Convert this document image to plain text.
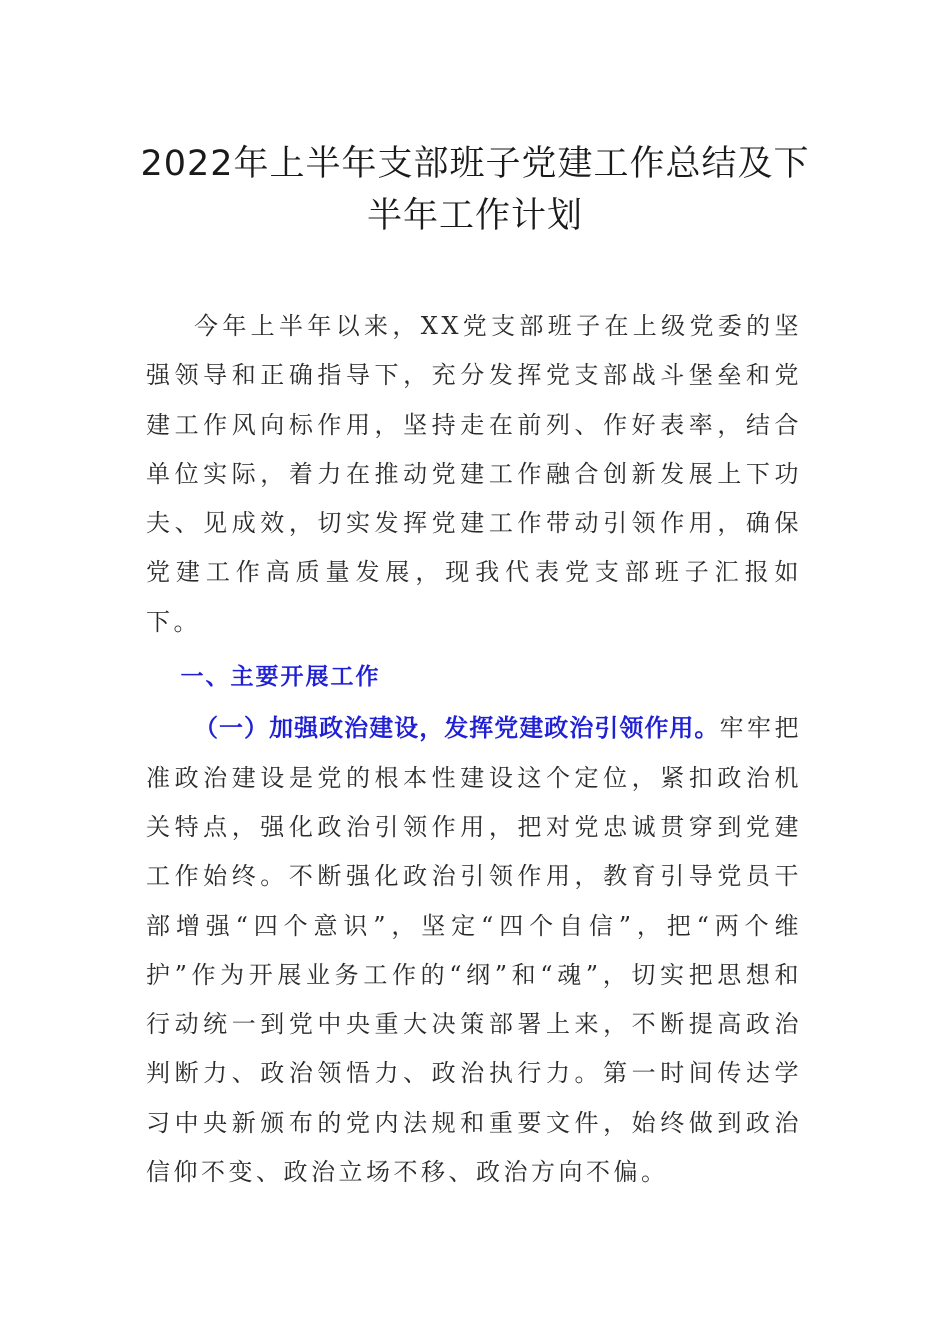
2022年上半年支部班子党建工作总结及下
半年工作计划

今年上半年以来，XX党支部班子在上级党委的坚强领导和正确指导下，充分发挥党支部战斗堡垒和党建工作风向标作用，坚持走在前列、作好表率，结合单位实际，着力在推动党建工作融合创新发展上下功夫、见成效，切实发挥党建工作带动引领作用，确保党建工作高质量发展，现我代表党支部班子汇报如下。

一、主要开展工作

（一）加强政治建设，发挥党建政治引领作用。牢牢把准政治建设是党的根本性建设这个定位，紧扣政治机关特点，强化政治引领作用，把对党忠诚贯穿到党建工作始终。不断强化政治引领作用，教育引导党员干部增强“四个意识”，坚定“四个自信”，把“两个维护”作为开展业务工作的“纲”和“魂”，切实把思想和行动统一到党中央重大决策部署上来，不断提高政治判断力、政治领悟力、政治执行力。第一时间传达学习中央新颁布的党内法规和重要文件，始终做到政治信仰不变、政治立场不移、政治方向不偏。
